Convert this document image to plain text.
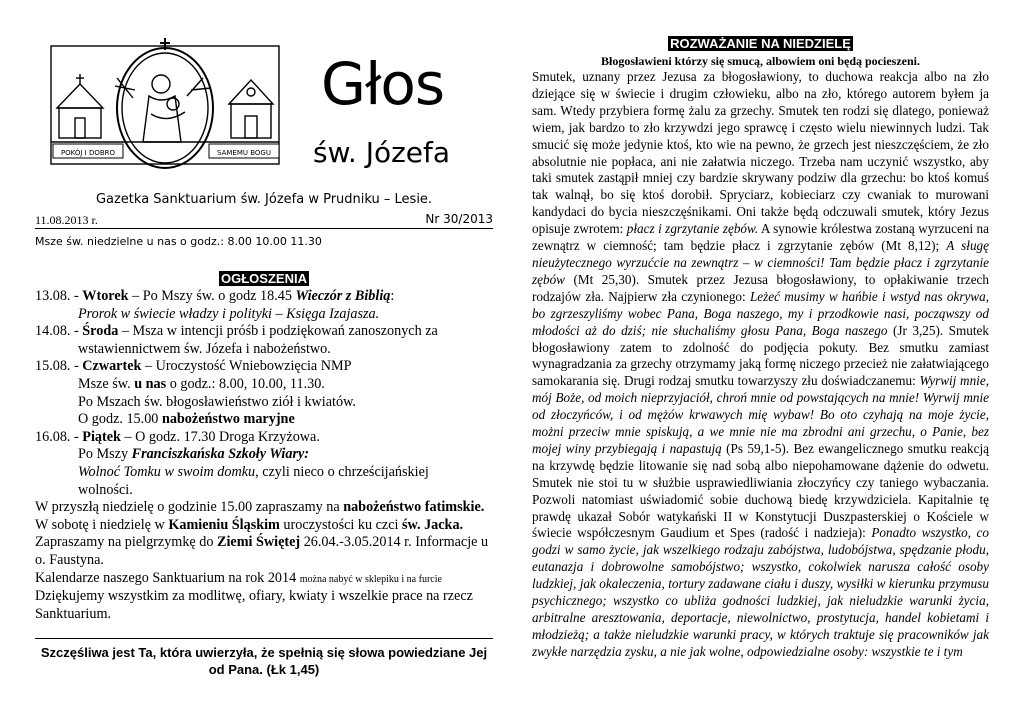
POKÓJ I DOBRO	SAMEMU BOGU
Głos
św. Józefa
Gazetka Sanktuarium św. Józefa w Prudniku – Lesie.
11.08.2013 r.	Nr 30/2013
Msze św. niedzielne u nas o godz.: 8.00 10.00 11.30
OGŁOSZENIA

13.08. - Wtorek – Po Mszy św. o godz 18.45 Wieczór z Biblią:

Prorok w świecie władzy i polityki – Księga Izajasza.

14.08. - Środa – Msza w intencji próśb i podziękowań zanoszonych za

wstawiennictwem św. Józefa i nabożeństwo.

15.08. - Czwartek – Uroczystość Wniebowzięcia NMP

Msze św. u nas o godz.: 8.00, 10.00, 11.30.

Po Mszach św. błogosławieństwo ziół i kwiatów.

O godz. 15.00 nabożeństwo maryjne

16.08. - Piątek – O godz. 17.30 Droga Krzyżowa.

Po Mszy Franciszkańska Szkoły Wiary:

Wolnoć Tomku w swoim domku, czyli nieco o chrześcijańskiej

wolności.

W przyszłą niedzielę o godzinie 15.00 zapraszamy na nabożeństwo fatimskie.

W sobotę i niedzielę w Kamieniu Śląskim uroczystości ku czci św. Jacka.

Zapraszamy na pielgrzymkę do Ziemi Świętej 26.04.-3.05.2014 r. Informacje u o. Faustyna.

Kalendarze naszego Sanktuarium na rok 2014 można nabyć w sklepiku i na furcie

Dziękujemy wszystkim za modlitwę, ofiary, kwiaty i wszelkie prace na rzecz Sanktuarium.

Szczęśliwa jest Ta, która uwierzyła, że spełnią się słowa powiedziane Jej od Pana. (Łk 1,45)
ROZWAŻANIE NA NIEDZIELĘ
Błogosławieni którzy się smucą, albowiem oni będą pocieszeni.

Smutek, uznany przez Jezusa za błogosławiony, to duchowa reakcja albo na zło dziejące się w świecie i drugim człowieku, albo na zło, którego autorem byłem ja sam. Wtedy przybiera formę żalu za grzechy. Smutek ten rodzi się dlatego, ponieważ wiem, jak bardzo to zło krzywdzi jego sprawcę i często wielu niewinnych ludzi. Tak smucić się może jedynie ktoś, kto wie na pewno, że grzech jest nieszczęściem, że zło absolutnie nie popłaca, ani nie załatwia niczego. Trzeba nam uczynić wszystko, aby taki smutek zastąpił mniej czy bardzie skrywany podziw dla grzechu: bo ktoś komuś tak walnął, bo się ktoś dorobił. Spryciarz, kobieciarz czy cwaniak to murowani kandydaci do bycia nieszczęśnikami. Oni także będą odczuwali smutek, który Jezus opisuje zwrotem: płacz i zgrzytanie zębów. A synowie królestwa zostaną wyrzuceni na zewnątrz w ciemność; tam będzie płacz i zgrzytanie zębów (Mt 8,12); A sługę nieużytecznego wyrzućcie na zewnątrz – w ciemności! Tam będzie płacz i zgrzytanie zębów (Mt 25,30). Smutek przez Jezusa błogosławiony, to opłakiwanie trzech rodzajów zła. Najpierw zła czynionego: Leżeć musimy w hańbie i wstyd nas okrywa, bo zgrzeszyliśmy wobec Pana, Boga naszego, my i przodkowie nasi, począwszy od młodości aż do dziś; nie słuchaliśmy głosu Pana, Boga naszego (Jr 3,25). Smutek błogosławiony zatem to zdolność do podjęcia pokuty. Bez smutku zamiast wynagradzania za grzechy otrzymamy jaką formę niczego przecież nie załatwiającego samokarania się. Drugi rodzaj smutku towarzyszy złu doświadczanemu: Wyrwij mnie, mój Boże, od moich nieprzyjaciół, chroń mnie od powstających na mnie! Wyrwij mnie od złoczyńców, i od mężów krwawych mię wybaw! Bo oto czyhają na moje życie, możni przeciw mnie spiskują, a we mnie nie ma zbrodni ani grzechu, o Panie, bez mojej winy przybiegają i napastują (Ps 59,1-5). Bez ewangelicznego smutku reakcją na krzywdę będzie litowanie się nad sobą albo niepohamowane dążenie do odwetu. Smutek nie stoi tu w służbie usprawiedliwiania złoczyńcy czy taniego wybaczania. Pozwoli natomiast uświadomić sobie duchową biedę krzywdziciela. Kapitalnie tę prawdę ukazał Sobór watykański II w Konstytucji Duszpasterskiej o Kościele w świecie współczesnym Gaudium et Spes (radość i nadzieja): Ponadto wszystko, co godzi w samo życie, jak wszelkiego rodzaju zabójstwa, ludobójstwa, spędzanie płodu, eutanazja i dobrowolne samobójstwo; wszystko, cokolwiek narusza całość osoby ludzkiej, jak okaleczenia, tortury zadawane ciału i duszy, wysiłki w kierunku przymusu psychicznego; wszystko co ubliża godności ludzkiej, jak nieludzkie warunki życia, arbitralne aresztowania, deportacje, niewolnictwo, prostytucja, handel kobietami i młodzieżą; a także nieludzkie warunki pracy, w których traktuje się pracowników jak zwykłe narzędzia zysku, a nie jak wolne, odpowiedzialne osoby: wszystkie te i tym
